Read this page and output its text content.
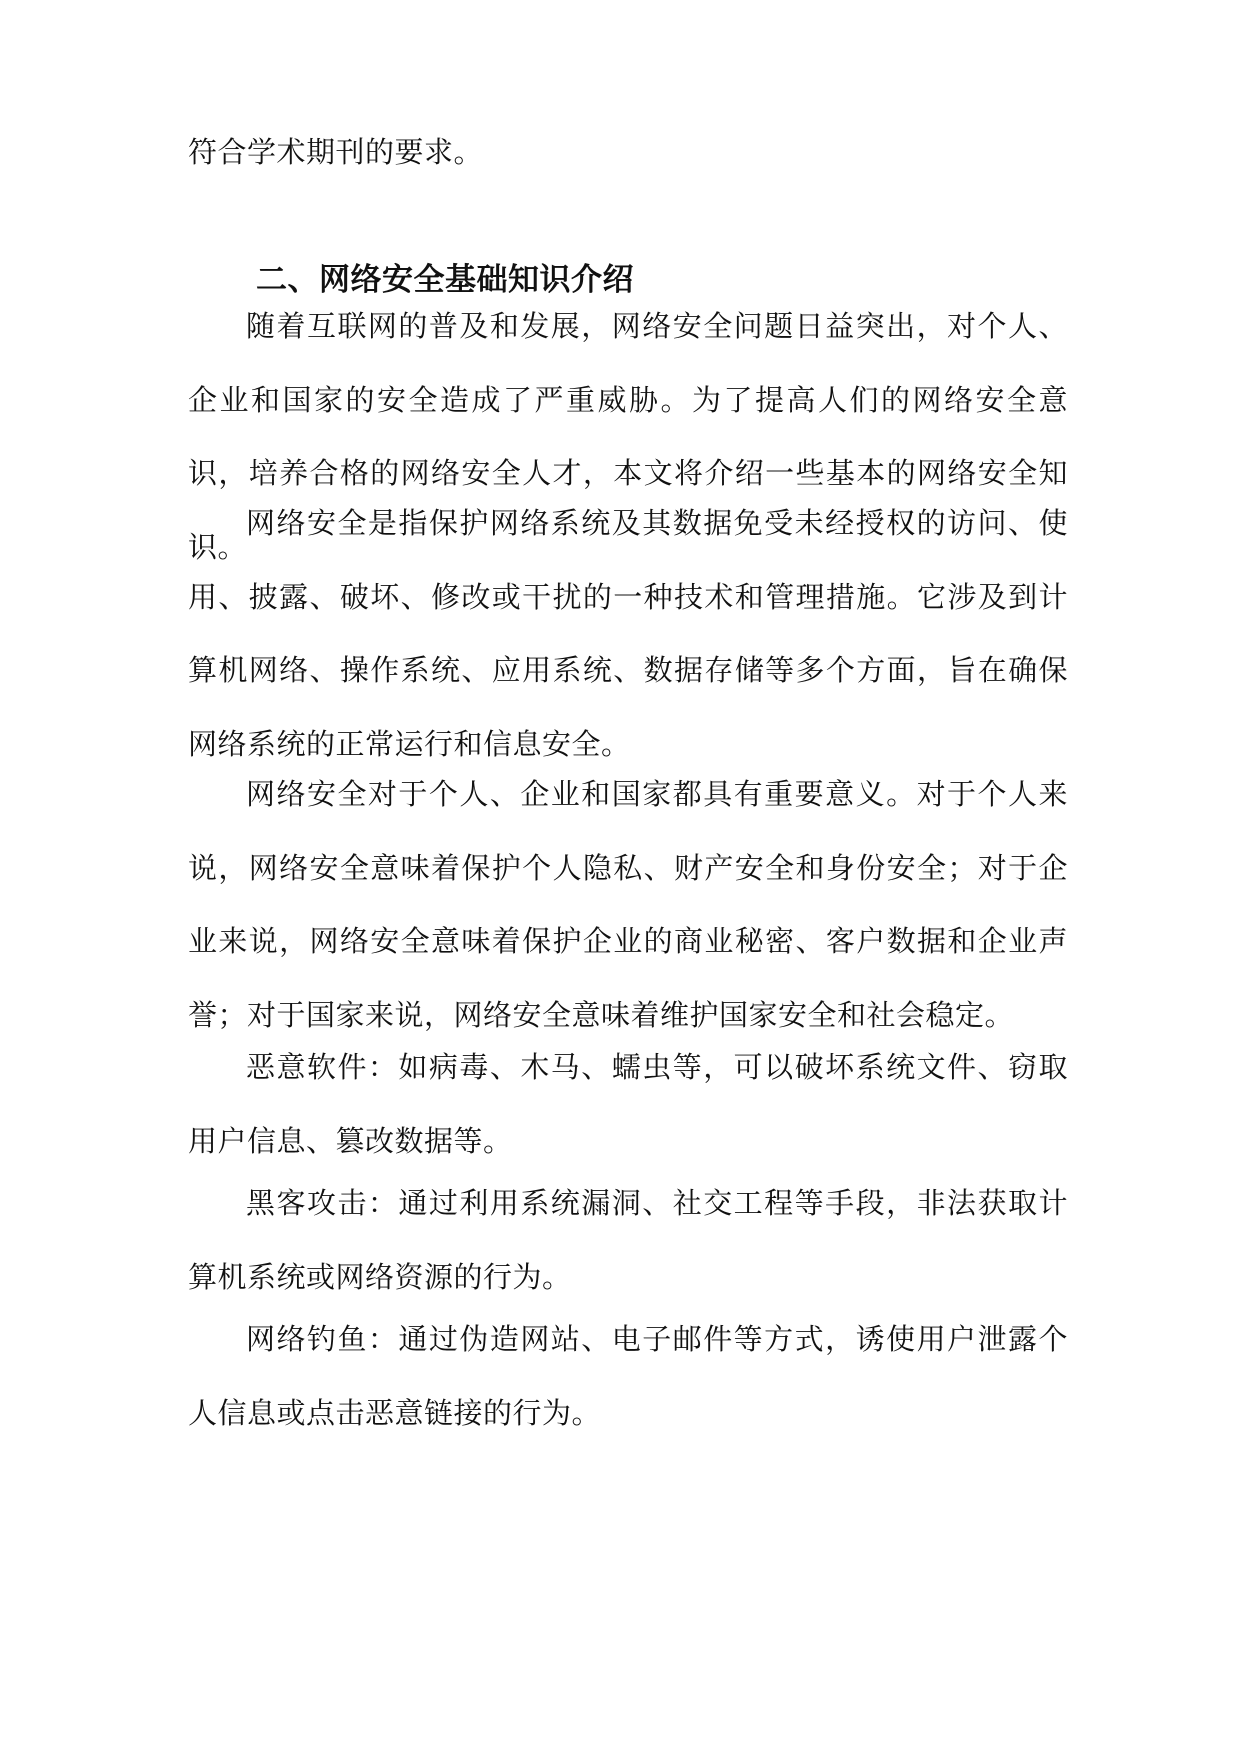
符合学术期刊的要求。

二、网络安全基础知识介绍

随着互联网的普及和发展，网络安全问题日益突出，对个人、企业和国家的安全造成了严重威胁。为了提高人们的网络安全意识，培养合格的网络安全人才，本文将介绍一些基本的网络安全知识。

网络安全是指保护网络系统及其数据免受未经授权的访问、使用、披露、破坏、修改或干扰的一种技术和管理措施。它涉及到计算机网络、操作系统、应用系统、数据存储等多个方面，旨在确保网络系统的正常运行和信息安全。

网络安全对于个人、企业和国家都具有重要意义。对于个人来说，网络安全意味着保护个人隐私、财产安全和身份安全；对于企业来说，网络安全意味着保护企业的商业秘密、客户数据和企业声誉；对于国家来说，网络安全意味着维护国家安全和社会稳定。

恶意软件：如病毒、木马、蠕虫等，可以破坏系统文件、窃取用户信息、篡改数据等。

黑客攻击：通过利用系统漏洞、社交工程等手段，非法获取计算机系统或网络资源的行为。

网络钓鱼：通过伪造网站、电子邮件等方式，诱使用户泄露个人信息或点击恶意链接的行为。
